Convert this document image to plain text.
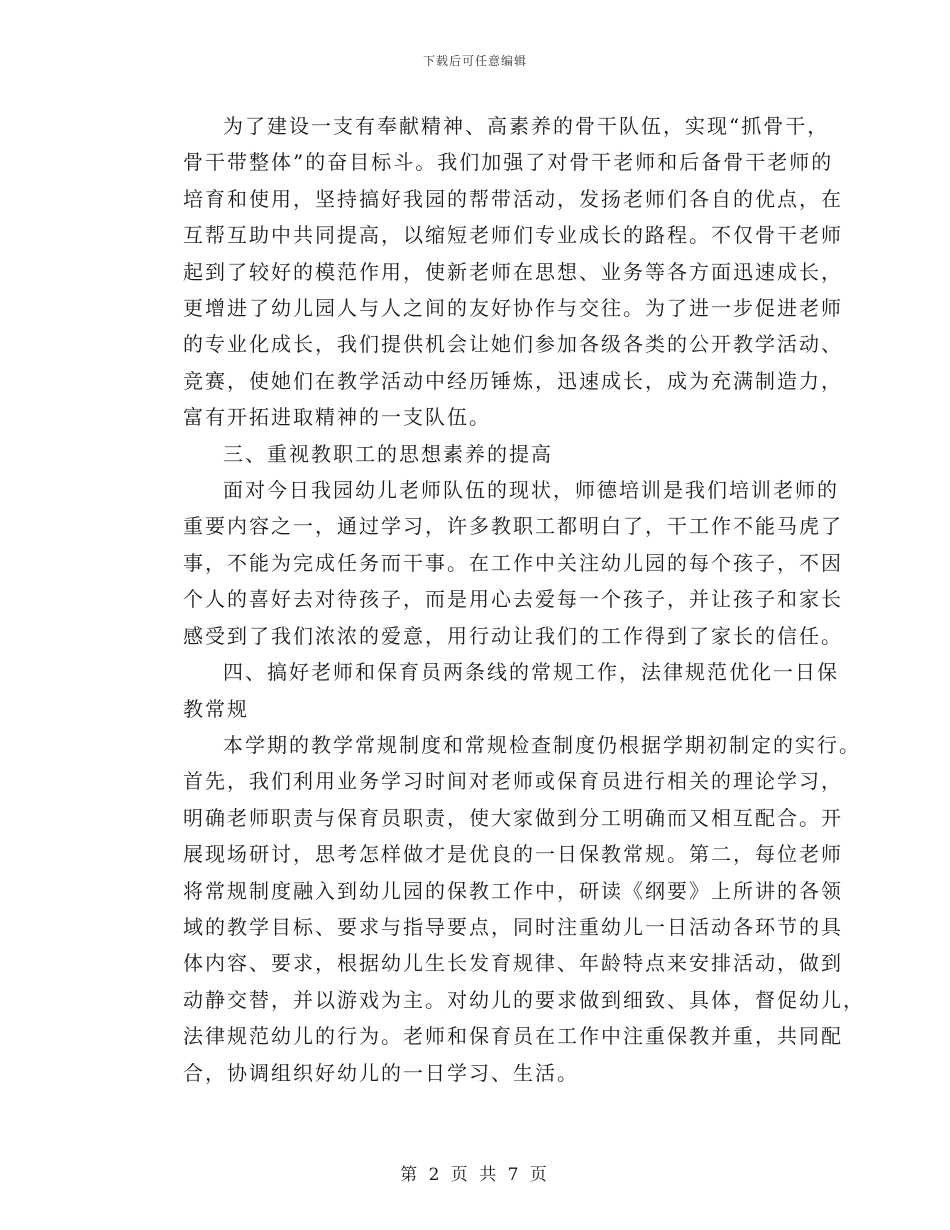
下载后可任意编辑

为了建设一支有奉献精神、高素养的骨干队伍，实现“抓骨干，
骨干带整体”的奋目标斗。我们加强了对骨干老师和后备骨干老师的
培育和使用，坚持搞好我园的帮带活动，发扬老师们各自的优点，在
互帮互助中共同提高，以缩短老师们专业成长的路程。不仅骨干老师
起到了较好的模范作用，使新老师在思想、业务等各方面迅速成长，
更增进了幼儿园人与人之间的友好协作与交往。为了进一步促进老师
的专业化成长，我们提供机会让她们参加各级各类的公开教学活动、
竞赛，使她们在教学活动中经历锤炼，迅速成长，成为充满制造力，
富有开拓进取精神的一支队伍。

三、重视教职工的思想素养的提高

面对今日我园幼儿老师队伍的现状，师德培训是我们培训老师的
重要内容之一，通过学习，许多教职工都明白了，干工作不能马虎了
事，不能为完成任务而干事。在工作中关注幼儿园的每个孩子，不因
个人的喜好去对待孩子，而是用心去爱每一个孩子，并让孩子和家长
感受到了我们浓浓的爱意，用行动让我们的工作得到了家长的信任。

四、搞好老师和保育员两条线的常规工作，法律规范优化一日保
教常规

本学期的教学常规制度和常规检查制度仍根据学期初制定的实行。
首先，我们利用业务学习时间对老师或保育员进行相关的理论学习，
明确老师职责与保育员职责，使大家做到分工明确而又相互配合。开
展现场研讨，思考怎样做才是优良的一日保教常规。第二，每位老师
将常规制度融入到幼儿园的保教工作中，研读《纲要》上所讲的各领
域的教学目标、要求与指导要点，同时注重幼儿一日活动各环节的具
体内容、要求，根据幼儿生长发育规律、年龄特点来安排活动，做到
动静交替，并以游戏为主。对幼儿的要求做到细致、具体，督促幼儿，
法律规范幼儿的行为。老师和保育员在工作中注重保教并重，共同配
合，协调组织好幼儿的一日学习、生活。

第 2 页 共 7 页
